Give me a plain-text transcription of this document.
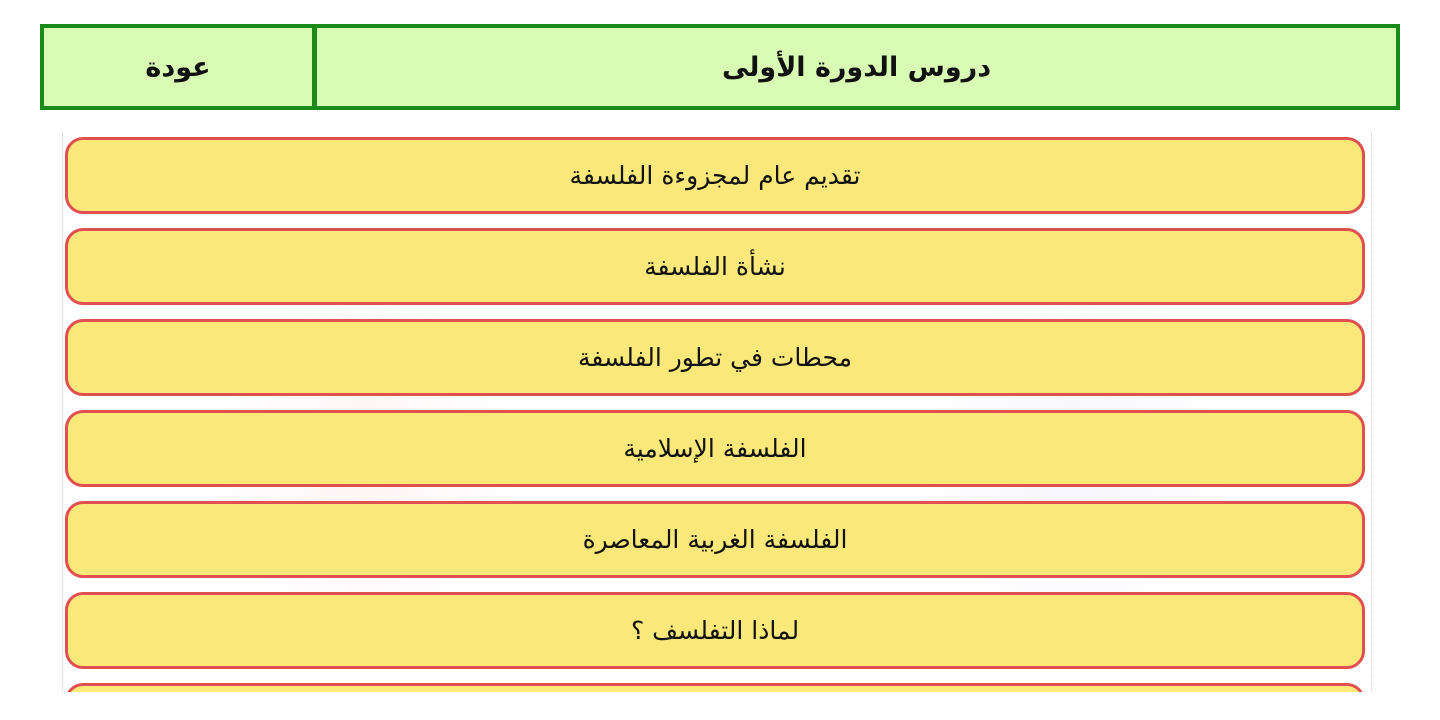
عودة	دروس الدورة الأولى
تقديم عام لمجزوءة الفلسفة
نشأة الفلسفة
محطات في تطور الفلسفة
الفلسفة الإسلامية
الفلسفة الغربية المعاصرة
لماذا التفلسف ؟
